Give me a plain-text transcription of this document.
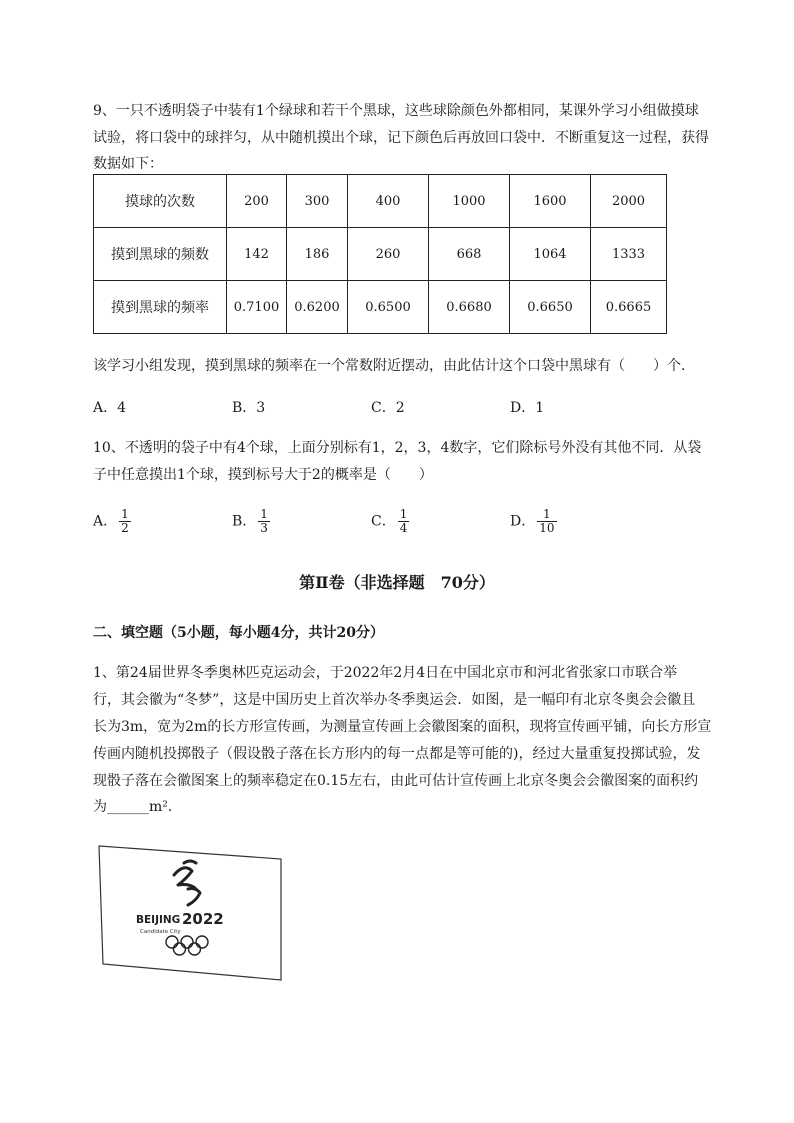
9、一只不透明袋子中装有1个绿球和若干个黑球，这些球除颜色外都相同，某课外学习小组做摸球
试验，将口袋中的球拌匀，从中随机摸出个球，记下颜色后再放回口袋中．不断重复这一过程，获得
数据如下：
摸球的次数	200	300	400	1000	1600	2000
摸到黑球的频数	142	186	260	668	1064	1333
摸到黑球的频率	0.7100	0.6200	0.6500	0.6680	0.6650	0.6665
该学习小组发现，摸到黑球的频率在一个常数附近摆动，由此估计这个口袋中黑球有（　　）个．
A．4	B．3	C．2	D．1
10、不透明的袋子中有4个球，上面分别标有1，2，3，4数字，它们除标号外没有其他不同．从袋
子中任意摸出1个球，摸到标号大于2的概率是（　　）
A． $\frac{1}{2}$	B． $\frac{1}{3}$	C． $\frac{1}{4}$	D． $\frac{1}{10}$
第Ⅱ卷（非选择题　70分）
二、填空题（5小题，每小题4分，共计20分）
1、第24届世界冬季奥林匹克运动会，于2022年2月4日在中国北京市和河北省张家口市联合举
行，其会徽为“冬梦”，这是中国历史上首次举办冬季奥运会．如图，是一幅印有北京冬奥会会徽且
长为3m，宽为2m的长方形宣传画，为测量宣传画上会徽图案的面积，现将宣传画平铺，向长方形宣
传画内随机投掷骰子（假设骰子落在长方形内的每一点都是等可能的)，经过大量重复投掷试验，发
现骰子落在会徽图案上的频率稳定在0.15左右，由此可估计宣传画上北京冬奥会会徽图案的面积约
为______m²．
BEIJING 2022
Candidate City
